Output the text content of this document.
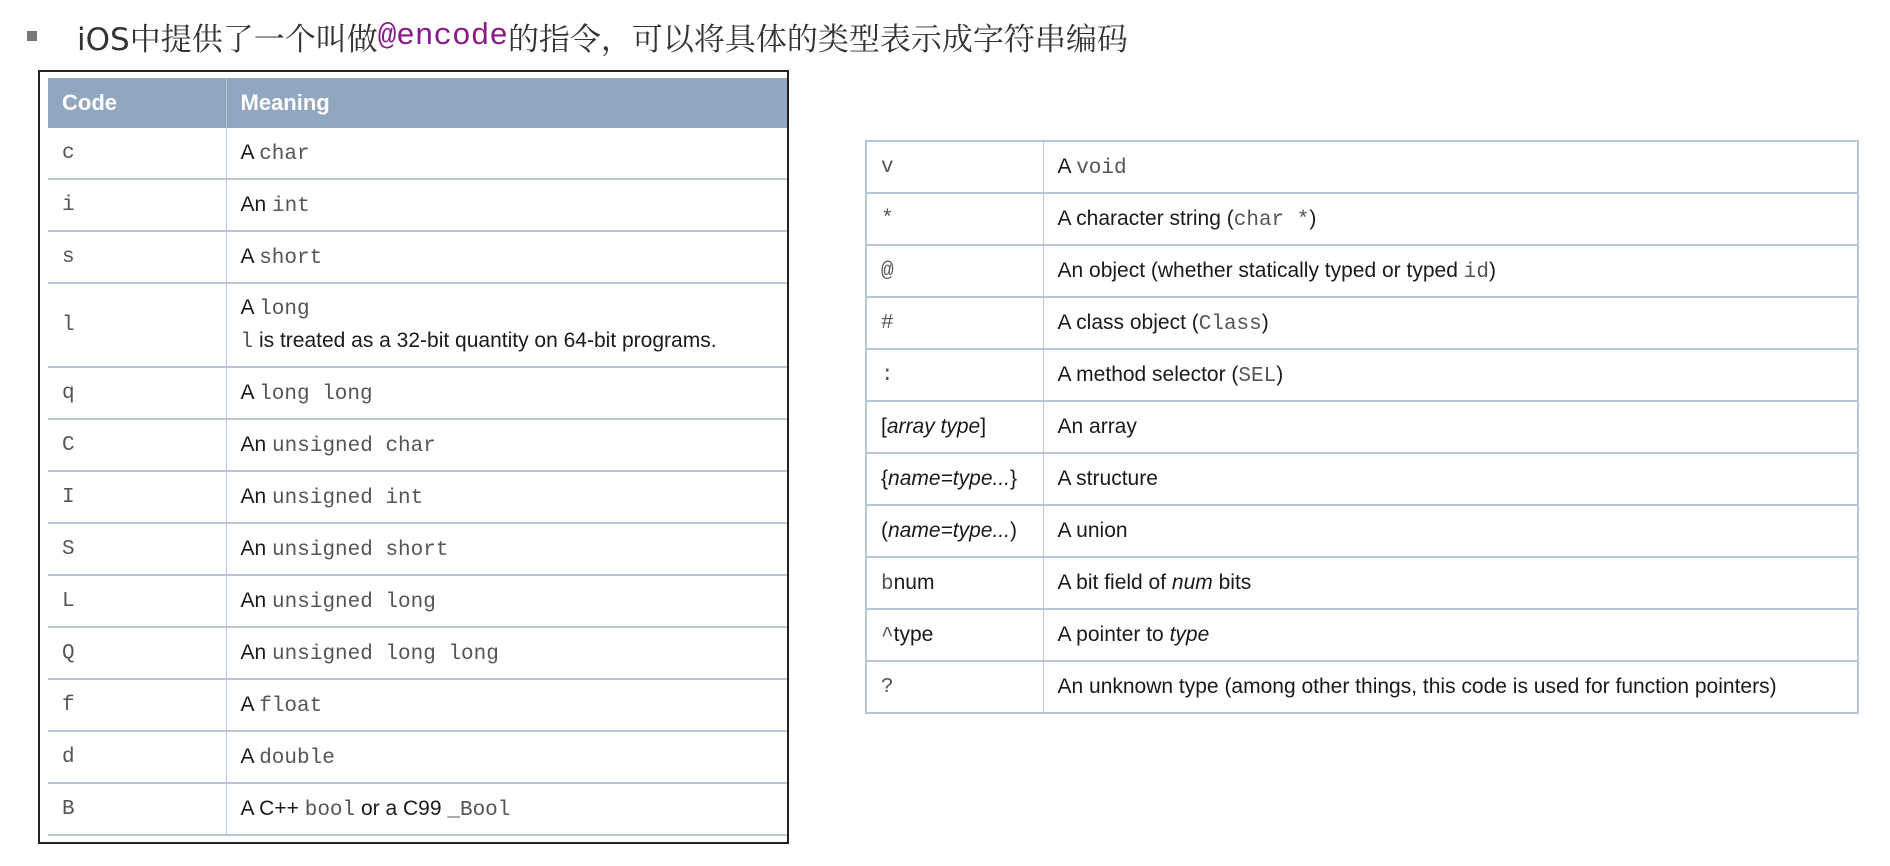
iOS中提供了一个叫做 @encode 的指令，可以将具体的类型表示成字符串编码
Code	Meaning
c	A char
i	An int
s	A short
l	A long
l is treated as a 32-bit quantity on 64-bit programs.

q	A long long
C	An unsigned char
I	An unsigned int
S	An unsigned short
L	An unsigned long
Q	An unsigned long long
f	A float
d	A double
B	A C++ bool or a C99 _Bool
v	A void
*	A character string (char *)
@	An object (whether statically typed or typed id)
#	A class object (Class)
:	A method selector (SEL)
[array type]	An array
{name=type...}	A structure
(name=type...)	A union
bnum	A bit field of num bits
^type	A pointer to type
?	An unknown type (among other things, this code is used for function pointers)
